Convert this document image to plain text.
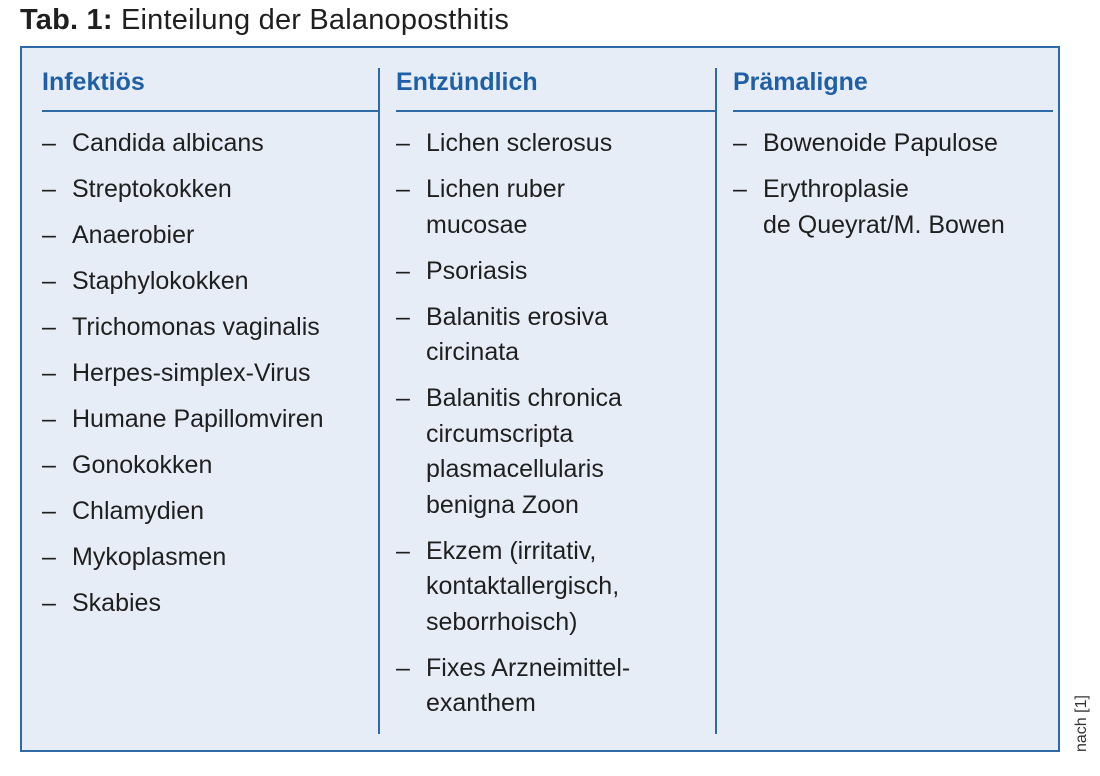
Tab. 1: Einteilung der Balanoposthitis
Infektiös
– Candida albicans
– Streptokokken
– Anaerobier
– Staphylokokken
– Trichomonas vaginalis
– Herpes-simplex-Virus
– Humane Papillomviren
– Gonokokken
– Chlamydien
– Mykoplasmen
– Skabies
Entzündlich
– Lichen sclerosus
– Lichen ruber
mucosae
– Psoriasis
– Balanitis erosiva
circinata
– Balanitis chronica
circumscripta
plasmacellularis
benigna Zoon
– Ekzem (irritativ,
kontaktallergisch,
seborrhoisch)
– Fixes Arzneimittel-
exanthem
Prämaligne
– Bowenoide Papulose
– Erythroplasie
de Queyrat/M. Bowen
nach [1]
